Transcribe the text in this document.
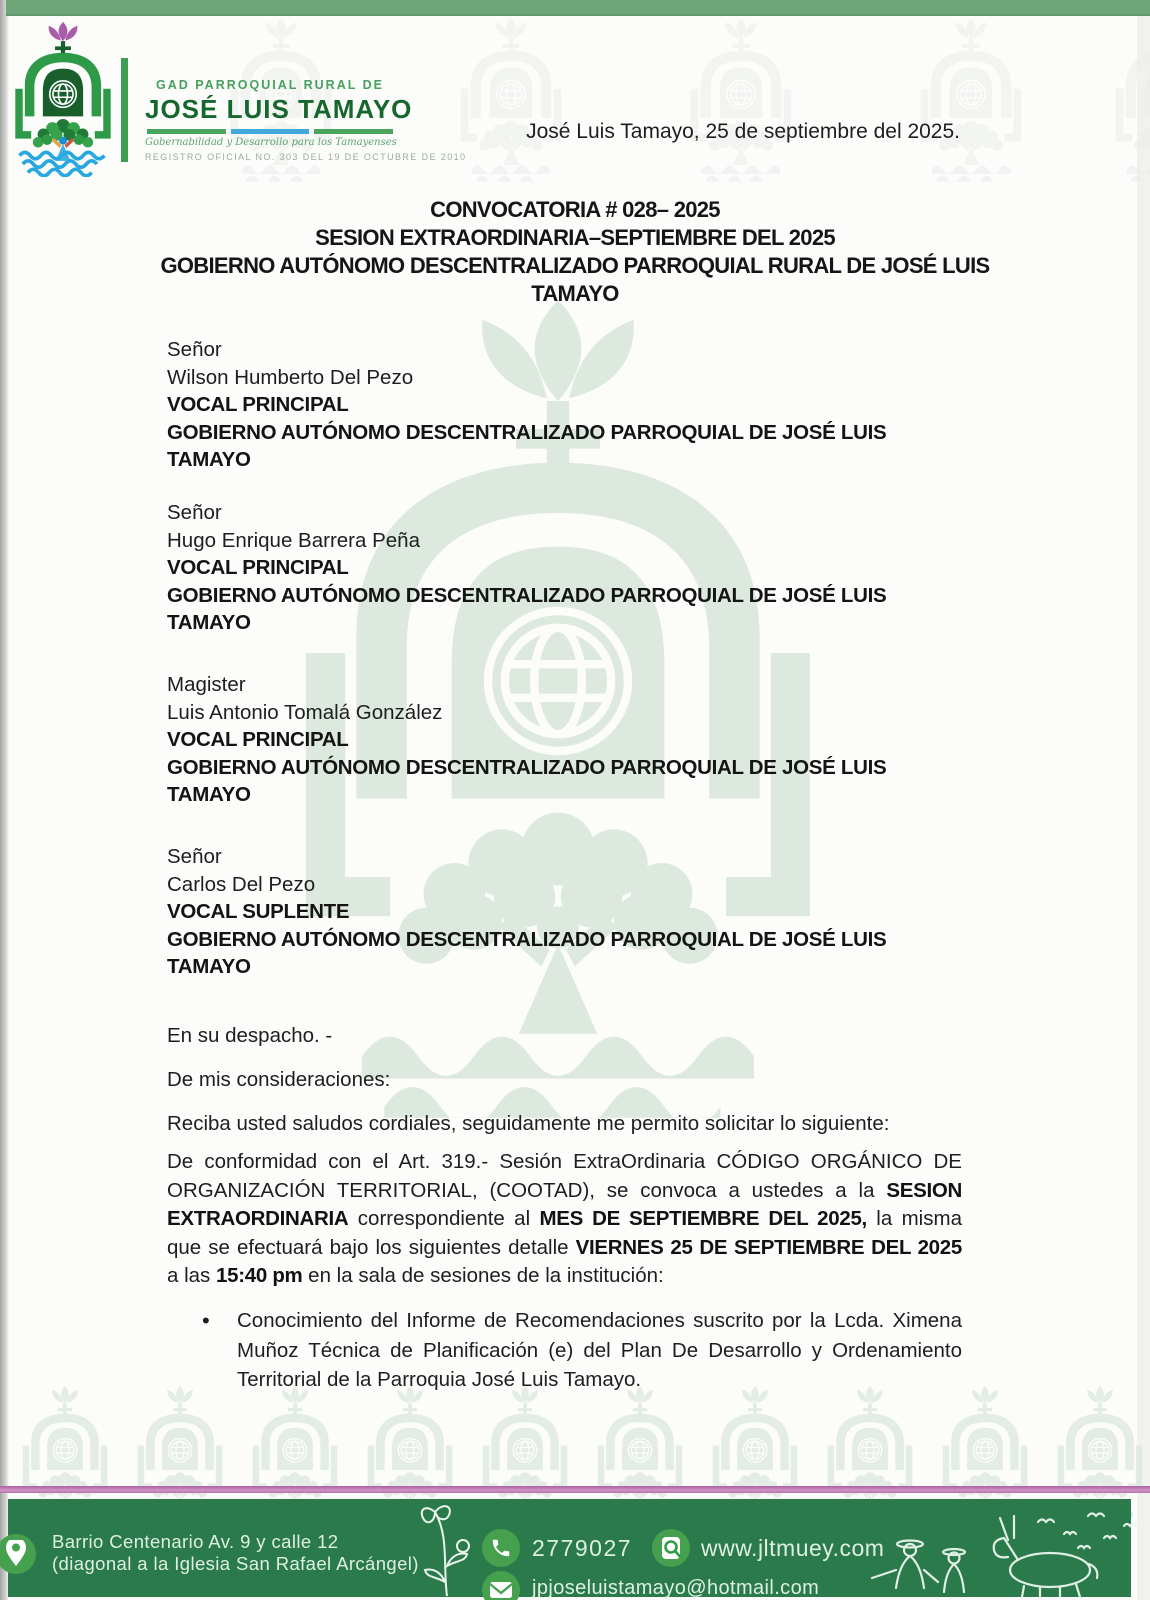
GAD PARROQUIAL RURAL DE
JOSÉ LUIS TAMAYO
Gobernabilidad y Desarrollo para los Tamayenses
REGISTRO OFICIAL NO. 303 DEL 19 DE OCTUBRE DE 2010
José Luis Tamayo, 25 de septiembre del 2025.
CONVOCATORIA # 028– 2025
SESION EXTRAORDINARIA–SEPTIEMBRE DEL 2025
GOBIERNO AUTÓNOMO DESCENTRALIZADO PARROQUIAL RURAL DE JOSÉ LUIS TAMAYO
Señor
Wilson Humberto Del Pezo
VOCAL PRINCIPAL
GOBIERNO AUTÓNOMO DESCENTRALIZADO PARROQUIAL DE JOSÉ LUIS TAMAYO
Señor
Hugo Enrique Barrera Peña
VOCAL PRINCIPAL
GOBIERNO AUTÓNOMO DESCENTRALIZADO PARROQUIAL DE JOSÉ LUIS TAMAYO
Magister
Luis Antonio Tomalá González
VOCAL PRINCIPAL
GOBIERNO AUTÓNOMO DESCENTRALIZADO PARROQUIAL DE JOSÉ LUIS TAMAYO
Señor
Carlos Del Pezo
VOCAL SUPLENTE
GOBIERNO AUTÓNOMO DESCENTRALIZADO PARROQUIAL DE JOSÉ LUIS TAMAYO
En su despacho. -
De mis consideraciones:
Reciba usted saludos cordiales, seguidamente me permito solicitar lo siguiente:
De conformidad con el Art. 319.- Sesión ExtraOrdinaria CÓDIGO ORGÁNICO DE ORGANIZACIÓN TERRITORIAL, (COOTAD), se convoca a ustedes a la SESION EXTRAORDINARIA correspondiente al MES DE SEPTIEMBRE DEL 2025, la misma que se efectuará bajo los siguientes detalle VIERNES 25 DE SEPTIEMBRE DEL 2025 a las 15:40 pm en la sala de sesiones de la institución:
• Conocimiento del Informe de Recomendaciones suscrito por la Lcda. Ximena Muñoz Técnica de Planificación (e) del Plan De Desarrollo y Ordenamiento Territorial de la Parroquia José Luis Tamayo.
Barrio Centenario Av. 9 y calle 12 (diagonal a la Iglesia San Rafael Arcángel)
2779027	www.jltmuey.com
jpjoseluistamayo@hotmail.com
